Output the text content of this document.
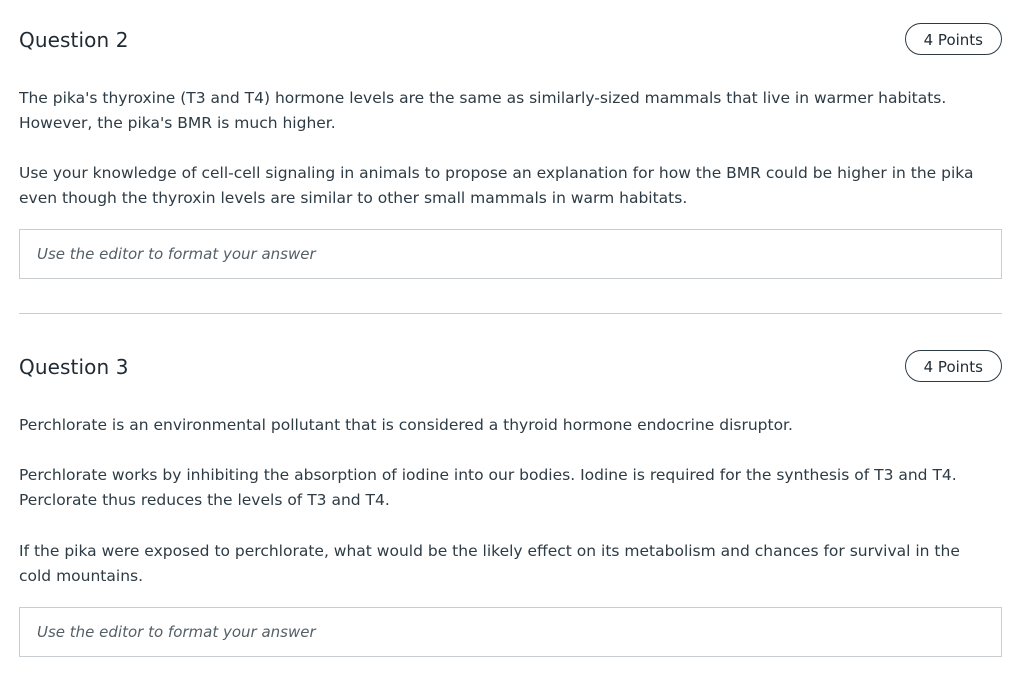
Question 2	4 Points

The pika's thyroxine (T3 and T4) hormone levels are the same as similarly-sized mammals that live in warmer habitats. However, the pika's BMR is much higher.

Use your knowledge of cell-cell signaling in animals to propose an explanation for how the BMR could be higher in the pika even though the thyroxin levels are similar to other small mammals in warm habitats.

Use the editor to format your answer
Question 3	4 Points

Perchlorate is an environmental pollutant that is considered a thyroid hormone endocrine disruptor.

Perchlorate works by inhibiting the absorption of iodine into our bodies. Iodine is required for the synthesis of T3 and T4. Perclorate thus reduces the levels of T3 and T4.

If the pika were exposed to perchlorate, what would be the likely effect on its metabolism and chances for survival in the cold mountains.

Use the editor to format your answer
